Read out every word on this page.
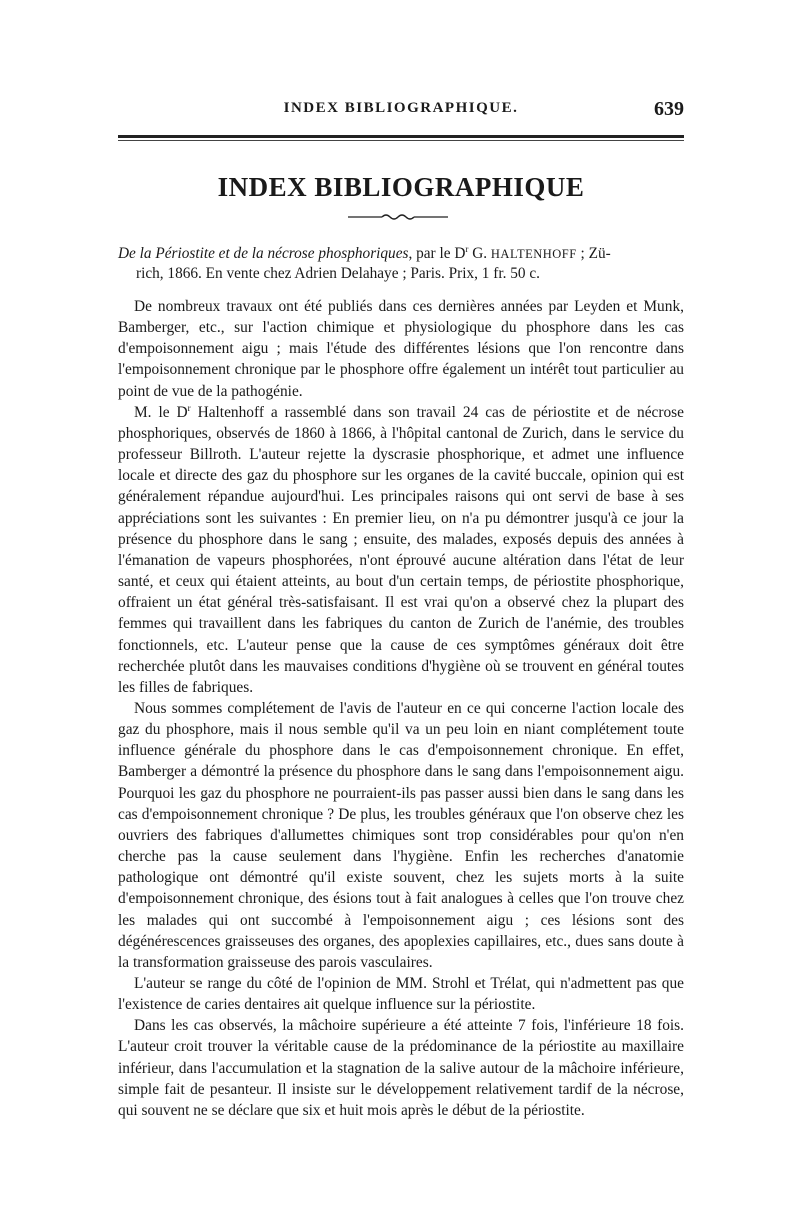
INDEX BIBLIOGRAPHIQUE.	639
INDEX BIBLIOGRAPHIQUE
De la Périostite et de la nécrose phosphoriques, par le $D^r$ G. HALTENHOFF ; Zü-
rich, 1866. En vente chez Adrien Delahaye ; Paris. Prix, 1 fr. 50 c.

De nombreux travaux ont été publiés dans ces dernières années par Leyden et Munk, Bamberger, etc., sur l'action chimique et physiologique du phosphore dans les cas d'empoisonnement aigu ; mais l'étude des différentes lésions que l'on rencontre dans l'empoisonnement chronique par le phosphore offre également un intérêt tout particulier au point de vue de la pathogénie.

M. le $D^r$ Haltenhoff a rassemblé dans son travail 24 cas de périostite et de nécrose phosphoriques, observés de 1860 à 1866, à l'hôpital cantonal de Zurich, dans le service du professeur Billroth. L'auteur rejette la dyscrasie phosphorique, et admet une influence locale et directe des gaz du phosphore sur les organes de la cavité buccale, opinion qui est généralement répandue aujourd'hui. Les principales raisons qui ont servi de base à ses appréciations sont les suivantes : En premier lieu, on n'a pu démontrer jusqu'à ce jour la présence du phosphore dans le sang ; ensuite, des malades, exposés depuis des années à l'émanation de vapeurs phosphorées, n'ont éprouvé aucune altération dans l'état de leur santé, et ceux qui étaient atteints, au bout d'un certain temps, de périostite phosphorique, offraient un état général très-satisfaisant. Il est vrai qu'on a observé chez la plupart des femmes qui travaillent dans les fabriques du canton de Zurich de l'anémie, des troubles fonctionnels, etc. L'auteur pense que la cause de ces symptômes généraux doit être recherchée plutôt dans les mauvaises conditions d'hygiène où se trouvent en général toutes les filles de fabriques.

Nous sommes complétement de l'avis de l'auteur en ce qui concerne l'action locale des gaz du phosphore, mais il nous semble qu'il va un peu loin en niant complétement toute influence générale du phosphore dans le cas d'empoisonnement chronique. En effet, Bamberger a démontré la présence du phosphore dans le sang dans l'empoisonnement aigu. Pourquoi les gaz du phosphore ne pourraient-ils pas passer aussi bien dans le sang dans les cas d'empoisonnement chronique ? De plus, les troubles généraux que l'on observe chez les ouvriers des fabriques d'allumettes chimiques sont trop considérables pour qu'on n'en cherche pas la cause seulement dans l'hygiène. Enfin les recherches d'anatomie pathologique ont démontré qu'il existe souvent, chez les sujets morts à la suite d'empoisonnement chronique, des ésions tout à fait analogues à celles que l'on trouve chez les malades qui ont succombé à l'empoisonnement aigu ; ces lésions sont des dégénérescences graisseuses des organes, des apoplexies capillaires, etc., dues sans doute à la transformation graisseuse des parois vasculaires.

L'auteur se range du côté de l'opinion de MM. Strohl et Trélat, qui n'admettent pas que l'existence de caries dentaires ait quelque influence sur la périostite.

Dans les cas observés, la mâchoire supérieure a été atteinte 7 fois, l'inférieure 18 fois. L'auteur croit trouver la véritable cause de la prédominance de la périostite au maxillaire inférieur, dans l'accumulation et la stagnation de la salive autour de la mâchoire inférieure, simple fait de pesanteur. Il insiste sur le développement relativement tardif de la nécrose, qui souvent ne se déclare que six et huit mois après le début de la périostite.
